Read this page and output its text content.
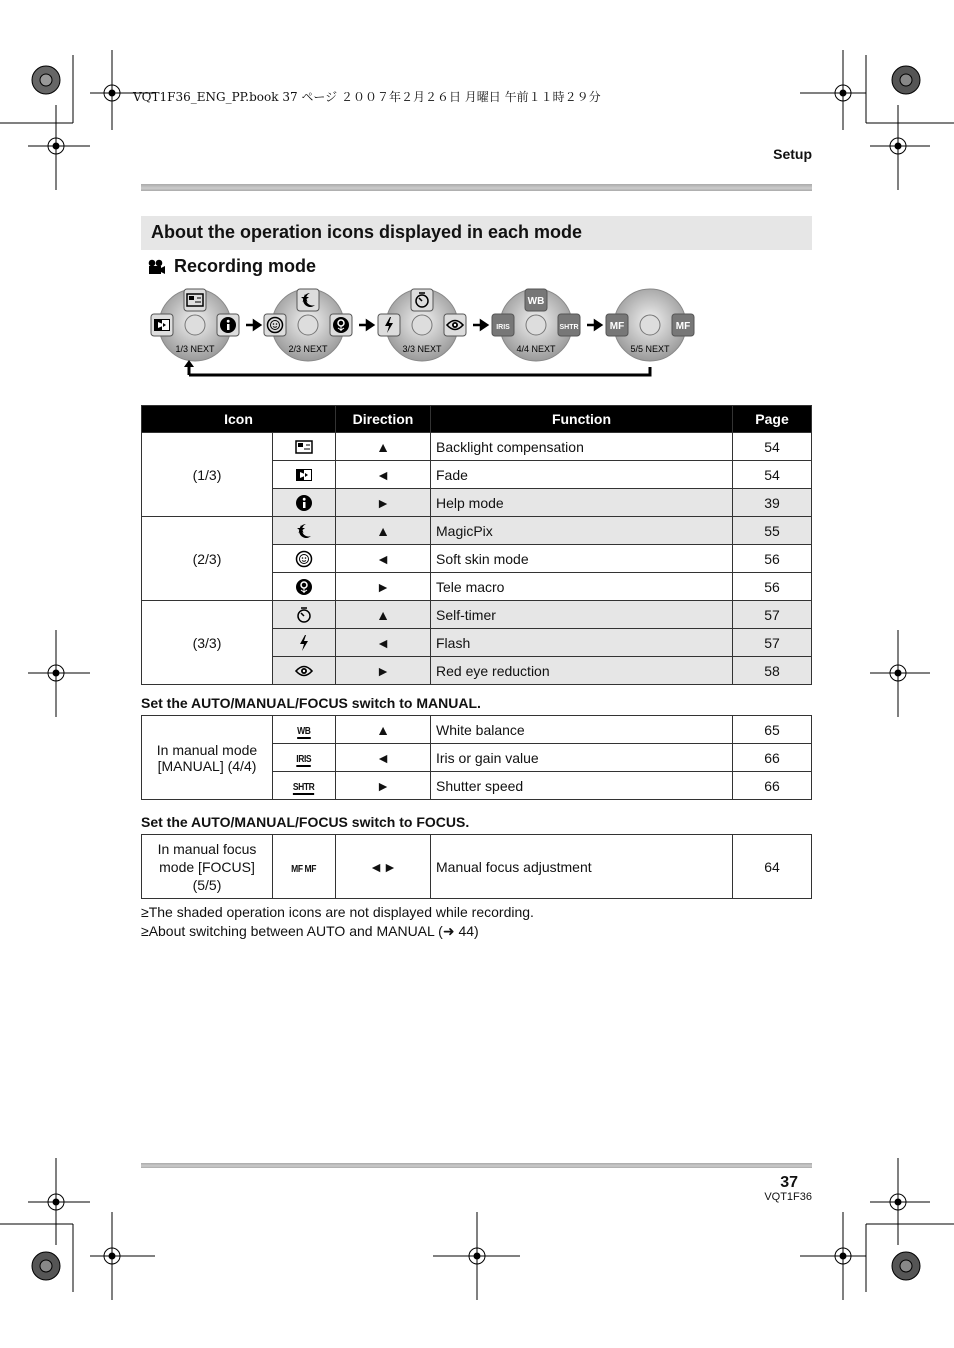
VQT1F36_ENG_PP.book 37 ページ ２００７年２月２６日 月曜日 午前１１時２９分
Setup
About the operation icons displayed in each mode
Recording mode
1/3 NEXT	2/3 NEXT	3/3 NEXT
WB
IRIS	SHTR
4/4 NEXT
MF	MF
5/5 NEXT
Icon		Direction	Function	Page
(1/3)		▲	Backlight compensation	54

	◄	Fade	54

	►	Help mode	39
(2/3)		▲	MagicPix	55

	◄	Soft skin mode	56

	►	Tele macro	56
(3/3)		▲	Self-timer	57

	◄	Flash	57

	►	Red eye reduction	58
Set the AUTO/MANUAL/FOCUS switch to MANUAL.
In manual mode
[MANUAL] (4/4)	WB	▲	White balance	65
	IRIS	◄	Iris or gain value	66
	SHTR	►	Shutter speed	66
Set the AUTO/MANUAL/FOCUS switch to FOCUS.
In manual focus
mode [FOCUS]
(5/5)	MF MF	◄►	Manual focus adjustment	64
≥The shaded operation icons are not displayed while recording.
≥About switching between AUTO and MANUAL (➜ 44)
37
VQT1F36
